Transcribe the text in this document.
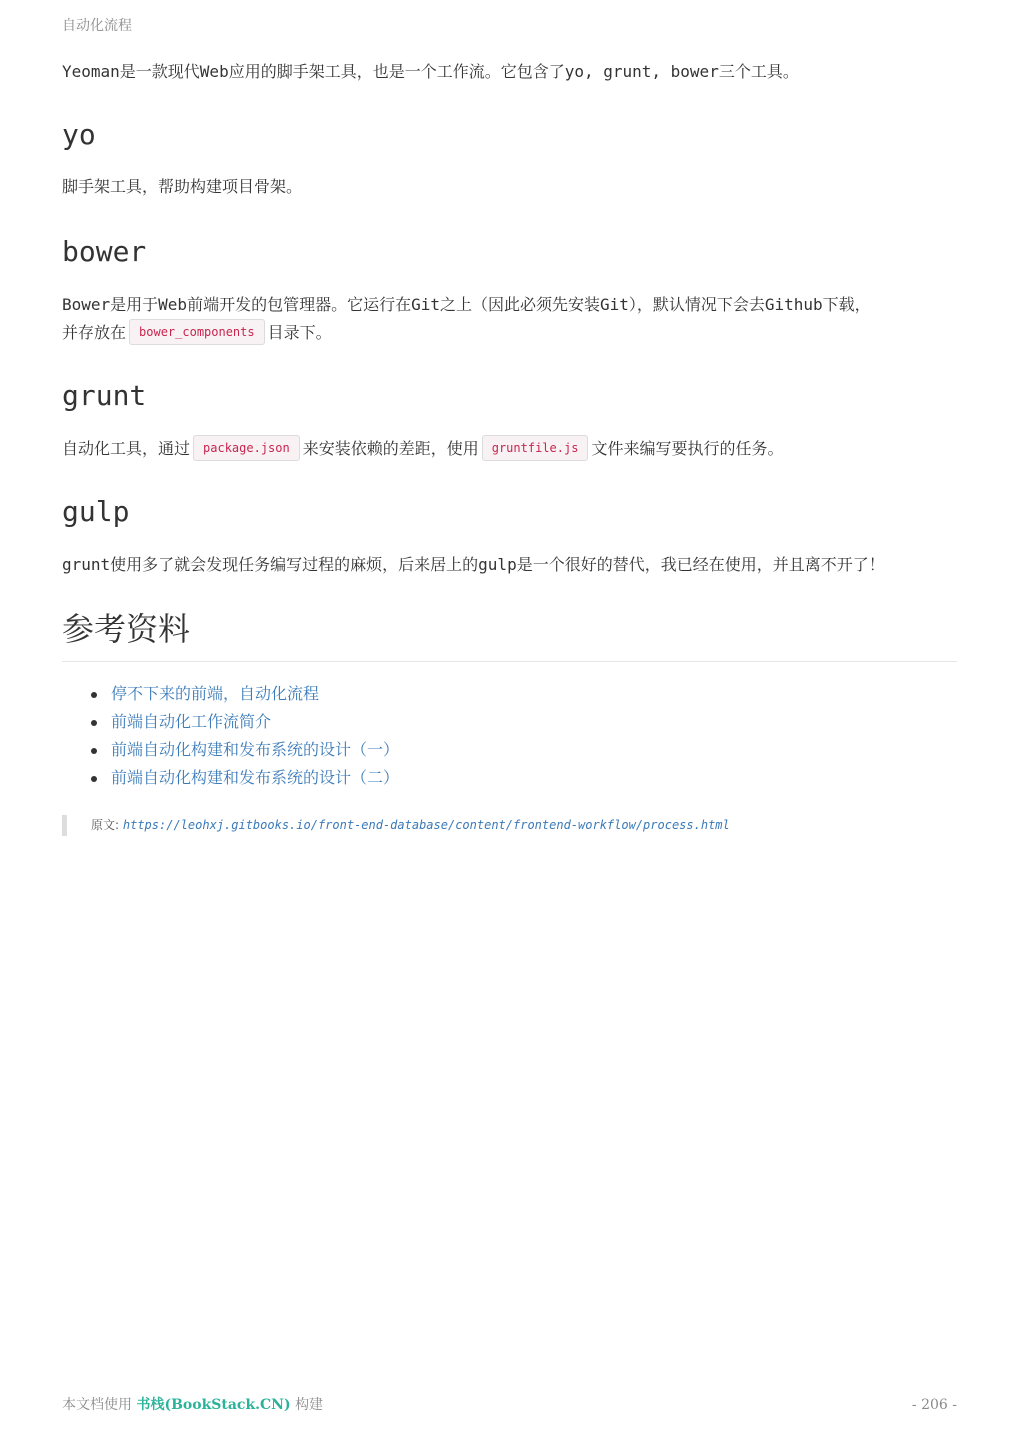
自动化流程

Yeoman是一款现代Web应用的脚手架工具，也是一个工作流。它包含了yo, grunt, bower三个工具。

yo

脚手架工具，帮助构建项目骨架。

bower

Bower是用于Web前端开发的包管理器。它运行在Git之上（因此必须先安装Git），默认情况下会去Github下载，
并存放在 bower_components 目录下。

grunt

自动化工具，通过 package.json 来安装依赖的差距，使用 gruntfile.js 文件来编写要执行的任务。

gulp

grunt使用多了就会发现任务编写过程的麻烦，后来居上的gulp是一个很好的替代，我已经在使用，并且离不开了！

参考资料
停不下来的前端，自动化流程
前端自动化工作流简介
前端自动化构建和发布系统的设计（一）
前端自动化构建和发布系统的设计（二）
原文: https://leohxj.gitbooks.io/front-end-database/content/frontend-workflow/process.html
本文档使用 书栈(BookStack.CN) 构建	- 206 -
